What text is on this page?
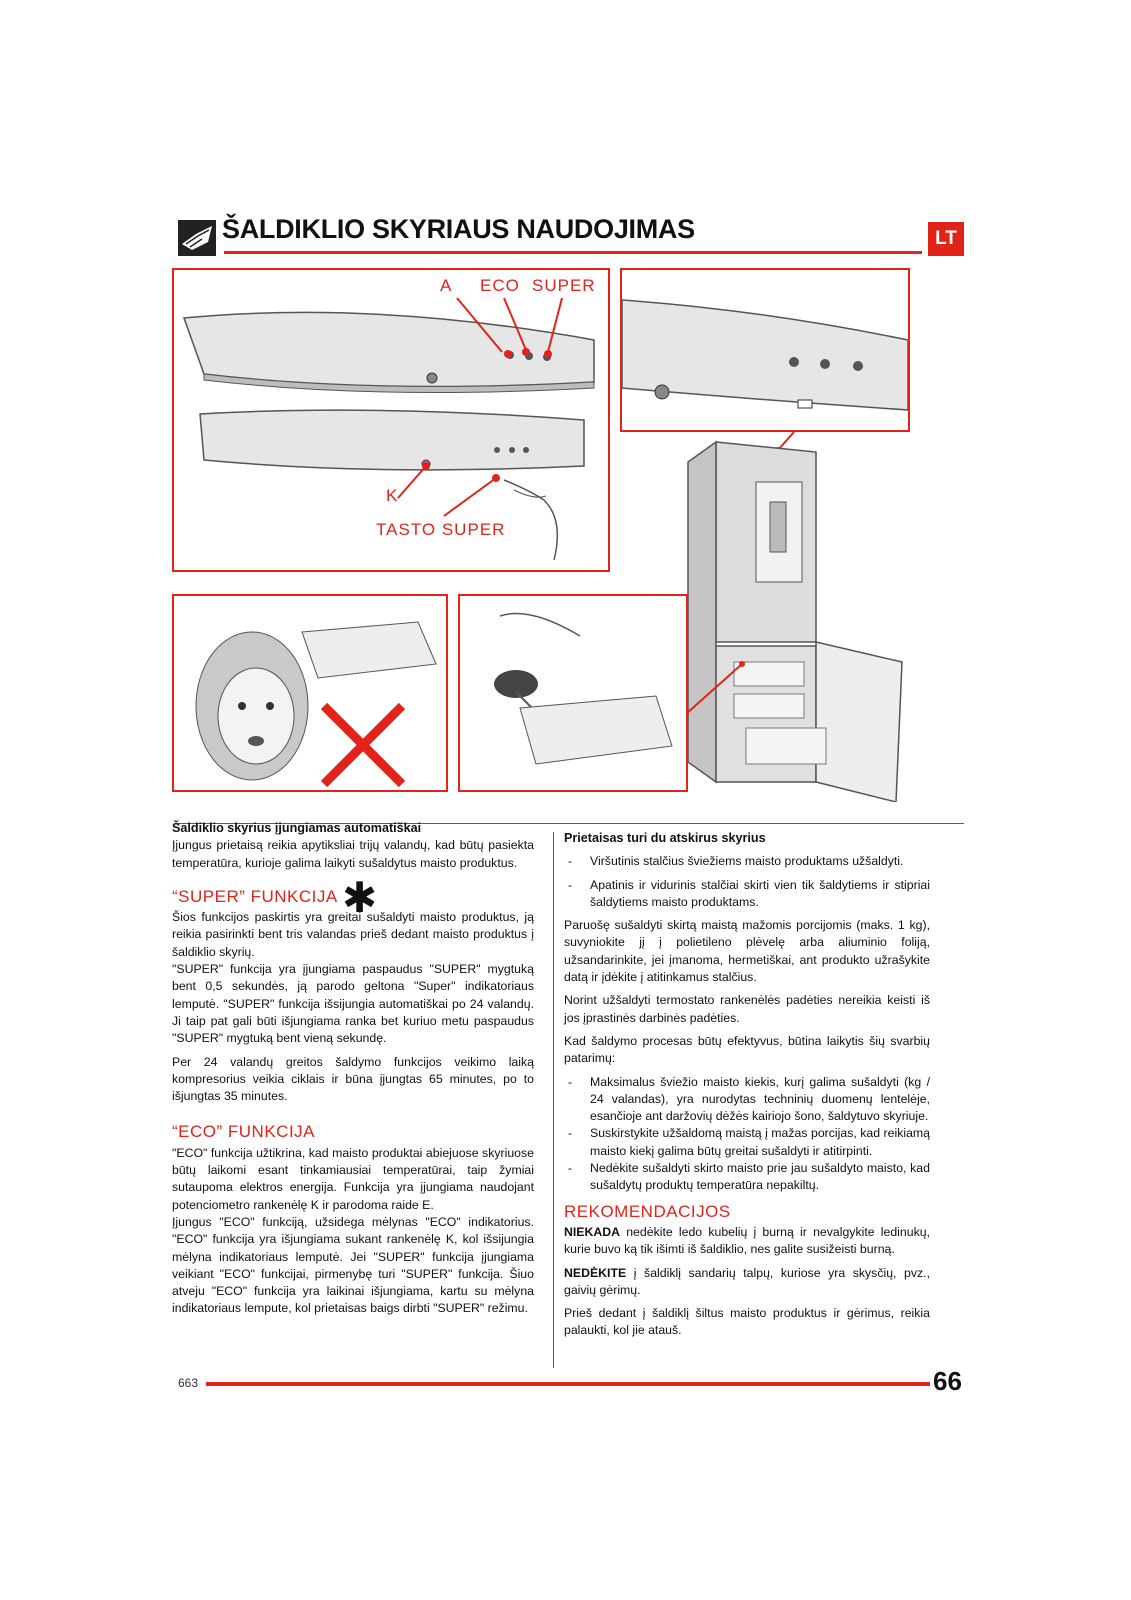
ŠALDIKLIO SKYRIAUS NAUDOJIMAS	LT
A ECO SUPER
K
TASTO SUPER
Šaldiklio skyrius įjungiamas automatiškai

Įjungus prietaisą reikia apytiksliai trijų valandų, kad būtų pasiekta temperatūra, kurioje galima laikyti sušaldytus maisto produktus.

“SUPER” FUNKCIJA ✱

Šios funkcijos paskirtis yra greitai sušaldyti maisto produktus, ją reikia pasirinkti bent tris valandas prieš dedant maisto produktus į šaldiklio skyrių.

"SUPER" funkcija yra įjungiama paspaudus "SUPER" mygtuką bent 0,5 sekundės, ją parodo geltona "Super" indikatoriaus lemputė. "SUPER" funkcija išsijungia automatiškai po 24 valandų. Ji taip pat gali būti išjungiama ranka bet kuriuo metu paspaudus "SUPER" mygtuką bent vieną sekundę.

Per 24 valandų greitos šaldymo funkcijos veikimo laiką kompresorius veikia ciklais ir būna įjungtas 65 minutes, po to išjungtas 35 minutes.

“ECO” FUNKCIJA

"ECO" funkcija užtikrina, kad maisto produktai abiejuose skyriuose būtų laikomi esant tinkamiausiai temperatūrai, taip žymiai sutaupoma elektros energija. Funkcija yra įjungiama naudojant potenciometro rankenėlę K ir parodoma raide E.

Įjungus "ECO" funkciją, užsidega mėlynas "ECO" indikatorius. "ECO" funkcija yra išjungiama sukant rankenėlę K, kol išsijungia mėlyna indikatoriaus lemputė. Jei "SUPER" funkcija įjungiama veikiant "ECO" funkcijai, pirmenybę turi "SUPER" funkcija. Šiuo atveju "ECO" funkcija yra laikinai išjungiama, kartu su mėlyna indikatoriaus lempute, kol prietaisas baigs dirbti "SUPER" režimu.

Prietaisas turi du atskirus skyrius
- Viršutinis stalčius šviežiems maisto produktams užšaldyti.
- Apatinis ir vidurinis stalčiai skirti vien tik šaldytiems ir stipriai šaldytiems maisto produktams.

Paruošę sušaldyti skirtą maistą mažomis porcijomis (maks. 1 kg), suvyniokite jį į polietileno plėvelę arba aliuminio foliją, užsandarinkite, jei įmanoma, hermetiškai, ant produkto užrašykite datą ir įdėkite į atitinkamus stalčius.

Norint užšaldyti termostato rankenėlės padėties nereikia keisti iš jos įprastinės darbinės padėties.

Kad šaldymo procesas būtų efektyvus, būtina laikytis šių svarbių patarimų:

- Maksimalus šviežio maisto kiekis, kurį galima sušaldyti (kg / 24 valandas), yra nurodytas techninių duomenų lentelėje, esančioje ant daržovių dėžės kairiojo šono, šaldytuvo skyriuje.
- Suskirstykite užšaldomą maistą į mažas porcijas, kad reikiamą maisto kiekį galima būtų greitai sušaldyti ir atitirpinti.
- Nedėkite sušaldyti skirto maisto prie jau sušaldyto maisto, kad sušaldytų produktų temperatūra nepakiltų.
REKOMENDACIJOS

NIEKADA nedėkite ledo kubelių į burną ir nevalgykite ledinukų, kurie buvo ką tik išimti iš šaldiklio, nes galite susižeisti burną.

NEDĖKITE į šaldiklį sandarių talpų, kuriose yra skysčių, pvz., gaivių gėrimų.

Prieš dedant į šaldiklį šiltus maisto produktus ir gėrimus, reikia palaukti, kol jie atauš.

663	66
